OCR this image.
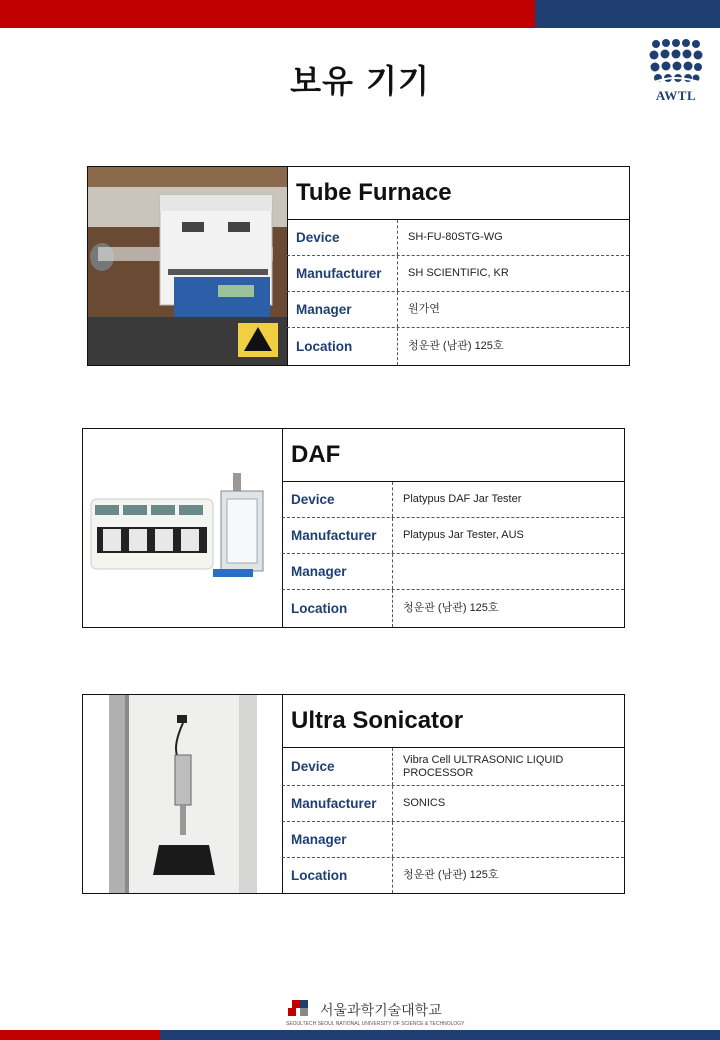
보유 기기	AWTL
Tube Furnace
Device	SH-FU-80STG-WG
Manufacturer SH SCIENTIFIC, KR
Manager	원가연
Location	청운관 (남관) 125호
DAF
Device	Platypus DAF Jar Tester
Manufacturer Platypus Jar Tester, AUS
Manager
Location	청운관 (남관) 125호
Ultra Sonicator
Device	Vibra Cell ULTRASONIC LIQUID PROCESSOR
Manufacturer SONICS
Manager
Location	청운관 (남관) 125호
서울과학기술대학교
SEOULTECH SEOUL NATIONAL UNIVERSITY OF SCIENCE & TECHNOLOGY
